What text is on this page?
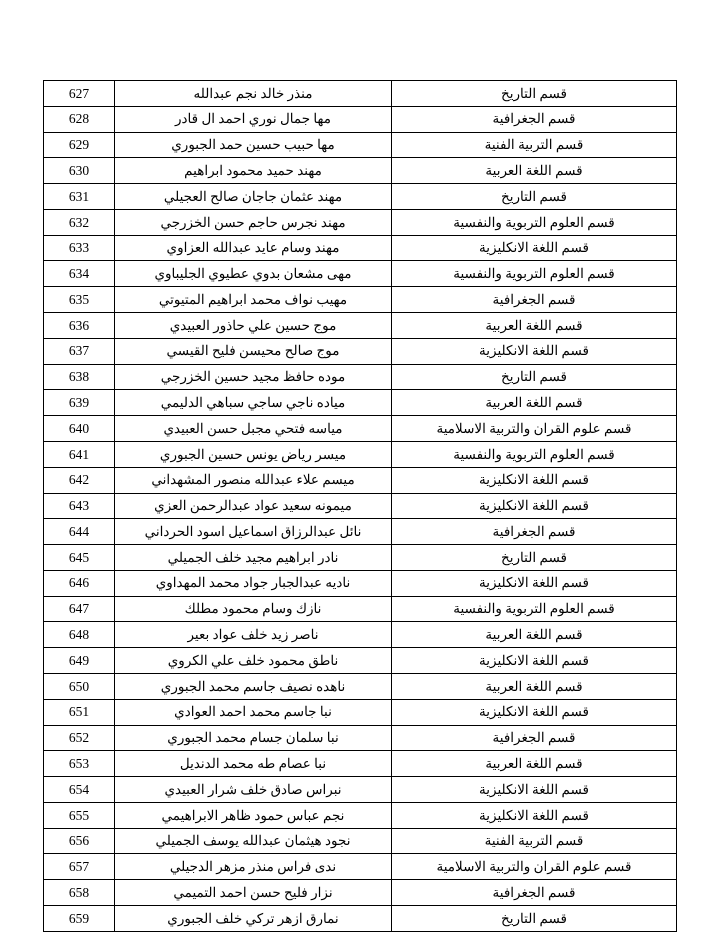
627	منذر خالد نجم عبدالله	قسم التاريخ
628	مها جمال نوري احمد ال قادر	قسم الجغرافية
629	مها حبيب حسين حمد الجبوري	قسم التربية الفنية
630	مهند حميد محمود ابراهيم	قسم اللغة العربية
631	مهند عثمان جاجان صالح العجيلي	قسم التاريخ
632	مهند نجرس حاجم حسن الخزرجي	قسم العلوم التربوية والنفسية
633	مهند وسام عايد عبدالله العزاوي	قسم اللغة الانكليزية
634	مهى مشعان بدوي عطيوي الجليباوي	قسم العلوم التربوية والنفسية
635	مهيب نواف محمد ابراهيم المتيوتي	قسم الجغرافية
636	موج حسين علي حاذور العبيدي	قسم اللغة العربية
637	موج صالح محيسن فليح القيسي	قسم اللغة الانكليزية
638	موده حافظ مجيد حسين الخزرجي	قسم التاريخ
639	مياده ناجي ساجي سباهي الدليمي	قسم اللغة العربية
640	مياسه فتحي مجبل حسن العبيدي	قسم علوم القران والتربية الاسلامية
641	ميسر رياض يونس حسين الجبوري	قسم العلوم التربوية والنفسية
642	ميسم علاء عبدالله منصور المشهداني	قسم اللغة الانكليزية
643	ميمونه سعيد عواد عبدالرحمن العزي	قسم اللغة الانكليزية
644	نائل عبدالرزاق اسماعيل اسود الحرداني	قسم الجغرافية
645	نادر ابراهيم مجيد خلف الجميلي	قسم التاريخ
646	ناديه عبدالجبار جواد محمد المهداوي	قسم اللغة الانكليزية
647	نازك وسام محمود مطلك	قسم العلوم التربوية والنفسية
648	ناصر زيد خلف عواد بعير	قسم اللغة العربية
649	ناطق محمود خلف علي الكروي	قسم اللغة الانكليزية
650	ناهده نصيف جاسم محمد الجبوري	قسم اللغة العربية
651	نبا جاسم محمد احمد العوادي	قسم اللغة الانكليزية
652	نبا سلمان جسام محمد الجبوري	قسم الجغرافية
653	نبا عصام طه محمد الدنديل	قسم اللغة العربية
654	نبراس صادق خلف شرار العبيدي	قسم اللغة الانكليزية
655	نجم عباس حمود ظاهر الابراهيمي	قسم اللغة الانكليزية
656	نجود هيثمان عبدالله يوسف الجميلي	قسم التربية الفنية
657	ندى فراس منذر مزهر الدجيلي	قسم علوم القران والتربية الاسلامية
658	نزار فليح حسن احمد التميمي	قسم الجغرافية
659	نمارق ازهر تركي خلف الجبوري	قسم التاريخ
